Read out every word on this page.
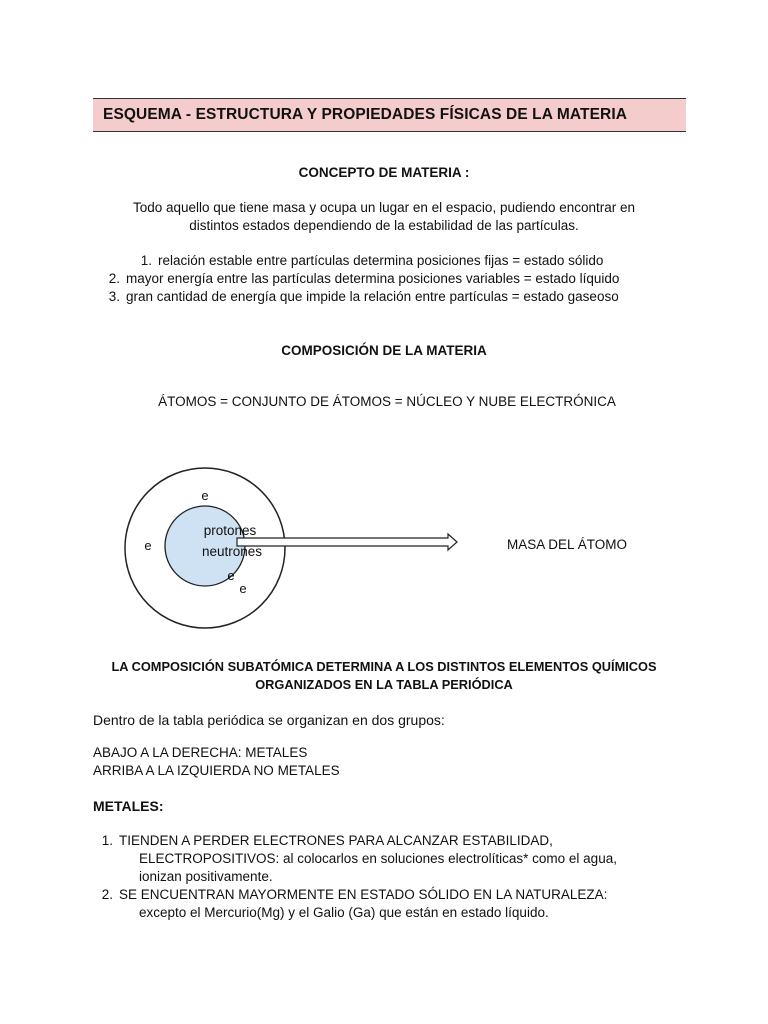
ESQUEMA - ESTRUCTURA Y PROPIEDADES FÍSICAS DE LA MATERIA
CONCEPTO DE MATERIA :
Todo aquello que tiene masa y ocupa un lugar en el espacio, pudiendo encontrar en
distintos estados dependiendo de la estabilidad de las partículas.
1. relación estable entre partículas determina posiciones fijas = estado sólido
2. mayor energía entre las partículas determina posiciones variables = estado líquido
3. gran cantidad de energía que impide la relación entre partículas = estado gaseoso
COMPOSICIÓN DE LA MATERIA
ÁTOMOS = CONJUNTO DE ÁTOMOS = NÚCLEO Y NUBE ELECTRÓNICA
protones
neutrones
e
e
e
e
MASA DEL ÁTOMO
LA COMPOSICIÓN SUBATÓMICA DETERMINA A LOS DISTINTOS ELEMENTOS QUÍMICOS
ORGANIZADOS EN LA TABLA PERIÓDICA
Dentro de la tabla periódica se organizan en dos grupos:
ABAJO A LA DERECHA: METALES
ARRIBA A LA IZQUIERDA NO METALES
METALES:
1. TIENDEN A PERDER ELECTRONES PARA ALCANZAR ESTABILIDAD,
ELECTROPOSITIVOS: al colocarlos en soluciones electrolíticas* como el agua,
ionizan positivamente.
2. SE ENCUENTRAN MAYORMENTE EN ESTADO SÓLIDO EN LA NATURALEZA:
excepto el Mercurio(Mg) y el Galio (Ga) que están en estado líquido.
